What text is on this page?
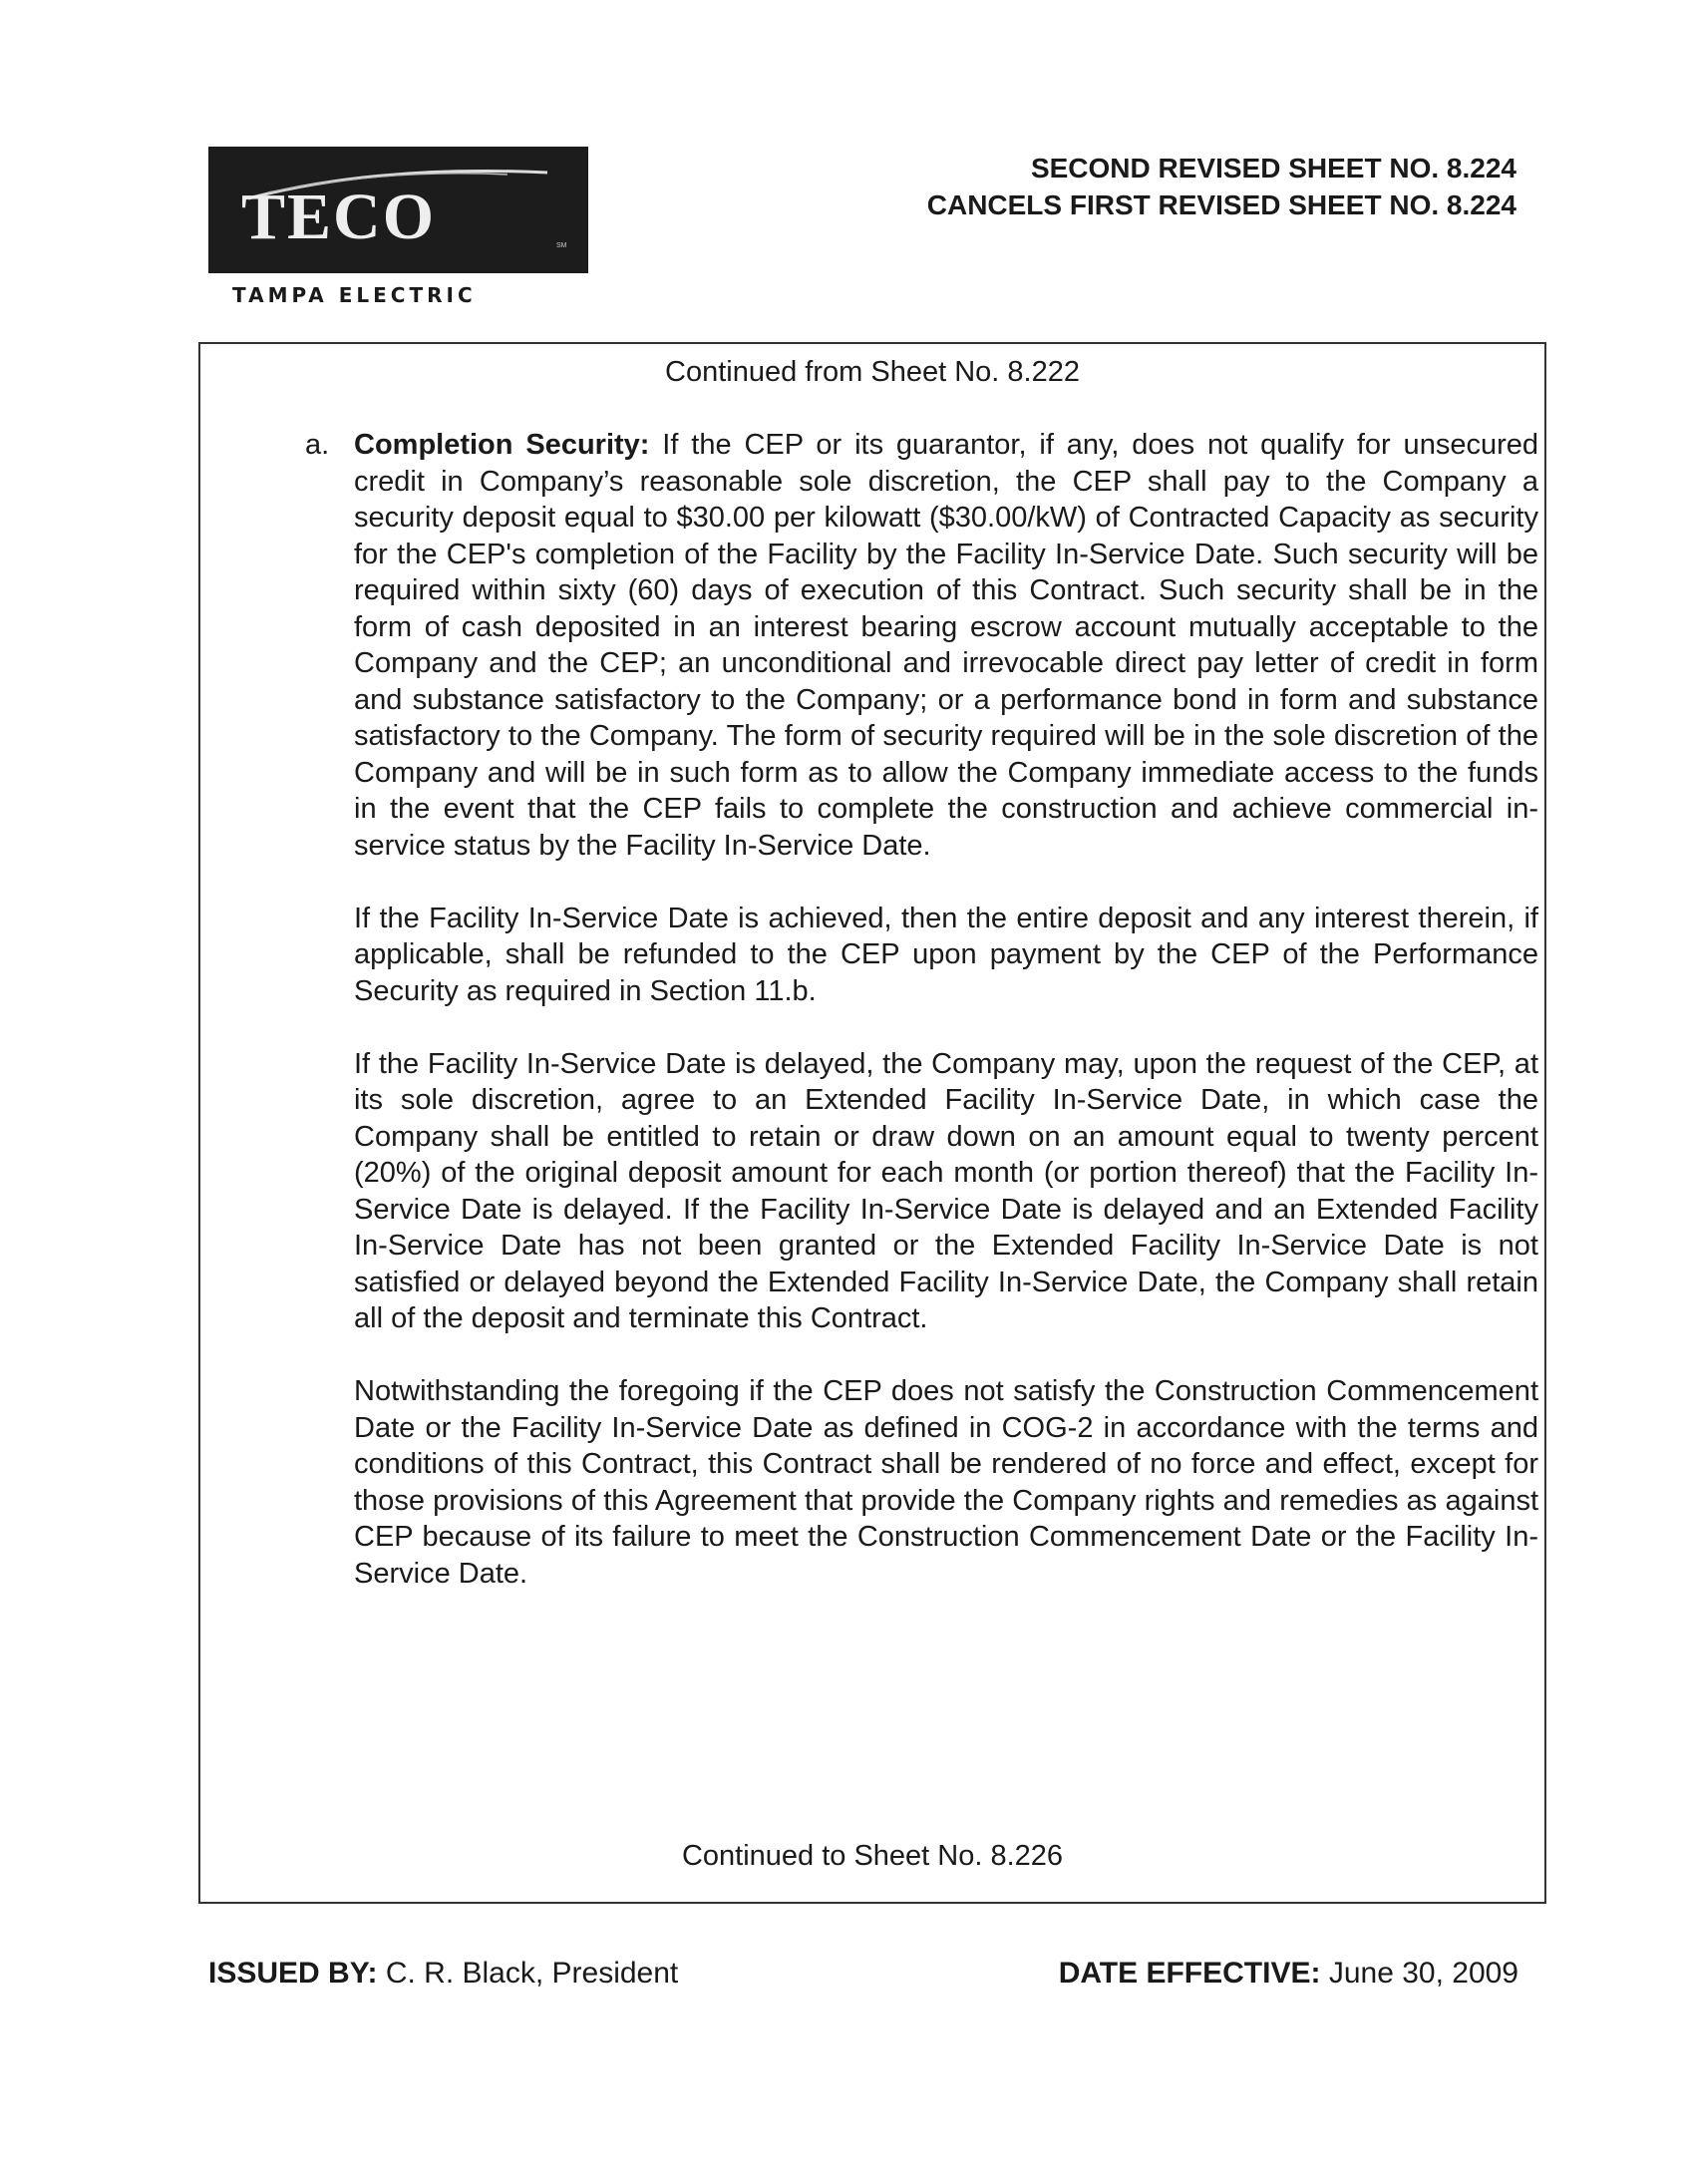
TECO	SM
TAMPA ELECTRIC
SECOND REVISED SHEET NO. 8.224
CANCELS FIRST REVISED SHEET NO. 8.224
Continued from Sheet No. 8.222
a. Completion Security: If the CEP or its guarantor, if any, does not qualify for unsecured credit in Company’s reasonable sole discretion, the CEP shall pay to the Company a security deposit equal to $30.00 per kilowatt ($30.00/kW) of Contracted Capacity as security for the CEP's completion of the Facility by the Facility In-Service Date. Such security will be required within sixty (60) days of execution of this Contract. Such security shall be in the form of cash deposited in an interest bearing escrow account mutually acceptable to the Company and the CEP; an unconditional and irrevocable direct pay letter of credit in form and substance satisfactory to the Company; or a performance bond in form and substance satisfactory to the Company. The form of security required will be in the sole discretion of the Company and will be in such form as to allow the Company immediate access to the funds in the event that the CEP fails to complete the construction and achieve commercial in-service status by the Facility In-Service Date.

If the Facility In-Service Date is achieved, then the entire deposit and any interest therein, if applicable, shall be refunded to the CEP upon payment by the CEP of the Performance Security as required in Section 11.b.

If the Facility In-Service Date is delayed, the Company may, upon the request of the CEP, at its sole discretion, agree to an Extended Facility In-Service Date, in which case the Company shall be entitled to retain or draw down on an amount equal to twenty percent (20%) of the original deposit amount for each month (or portion thereof) that the Facility In-Service Date is delayed. If the Facility In-Service Date is delayed and an Extended Facility In-Service Date has not been granted or the Extended Facility In-Service Date is not satisfied or delayed beyond the Extended Facility In-Service Date, the Company shall retain all of the deposit and terminate this Contract.

Notwithstanding the foregoing if the CEP does not satisfy the Construction Commencement Date or the Facility In-Service Date as defined in COG-2 in accordance with the terms and conditions of this Contract, this Contract shall be rendered of no force and effect, except for those provisions of this Agreement that provide the Company rights and remedies as against CEP because of its failure to meet the Construction Commencement Date or the Facility In-Service Date.

Continued to Sheet No. 8.226
ISSUED BY: C. R. Black, President	DATE EFFECTIVE: June 30, 2009
